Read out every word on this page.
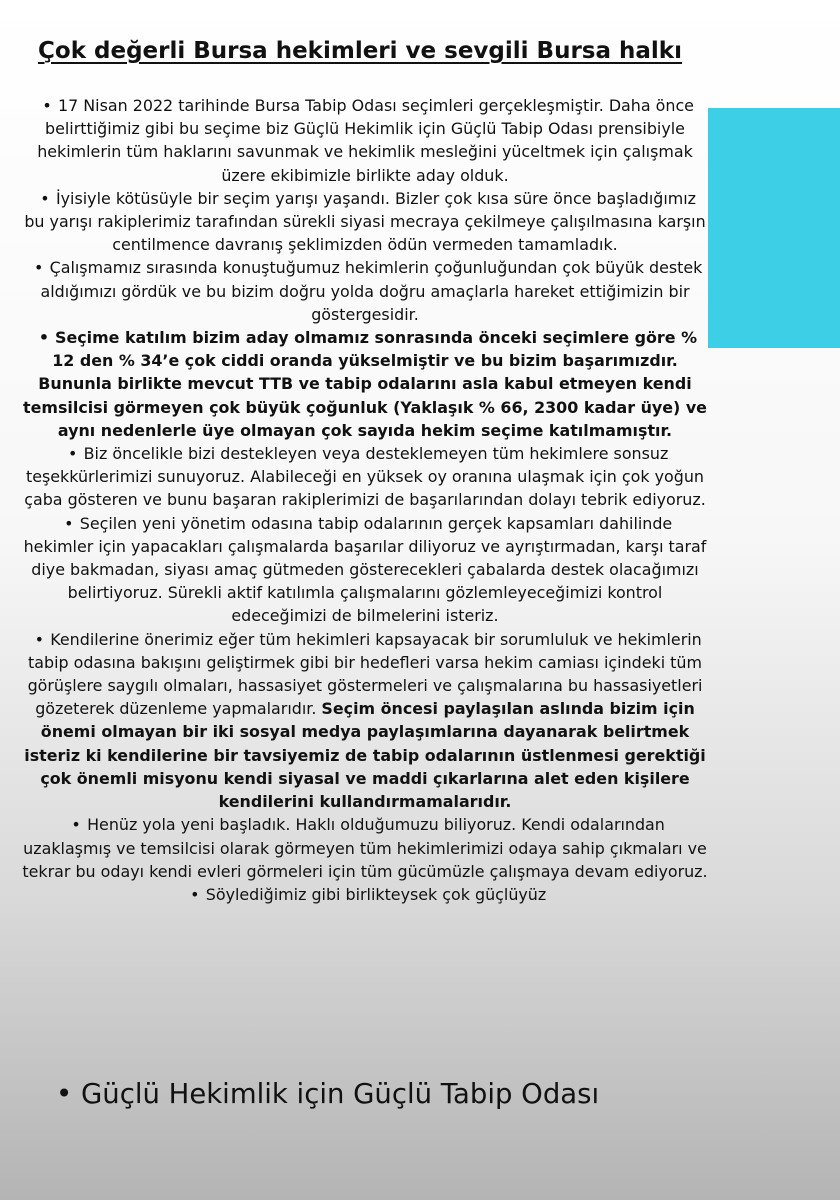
Çok değerli Bursa hekimleri ve sevgili Bursa halkı

• 17 Nisan 2022 tarihinde Bursa Tabip Odası seçimleri gerçekleşmiştir. Daha önce belirttiğimiz gibi bu seçime biz Güçlü Hekimlik için Güçlü Tabip Odası prensibiyle hekimlerin tüm haklarını savunmak ve hekimlik mesleğini yüceltmek için çalışmak üzere ekibimizle birlikte aday olduk.

• İyisiyle kötüsüyle bir seçim yarışı yaşandı. Bizler çok kısa süre önce başladığımız bu yarışı rakiplerimiz tarafından sürekli siyasi mecraya çekilmeye çalışılmasına karşın centilmence davranış şeklimizden ödün vermeden tamamladık.

• Çalışmamız sırasında konuştuğumuz hekimlerin çoğunluğundan çok büyük destek aldığımızı gördük ve bu bizim doğru yolda doğru amaçlarla hareket ettiğimizin bir göstergesidir.

• Seçime katılım bizim aday olmamız sonrasında önceki seçimlere göre % 12 den % 34’e çok ciddi oranda yükselmiştir ve bu bizim başarımızdır. Bununla birlikte mevcut TTB ve tabip odalarını asla kabul etmeyen kendi temsilcisi görmeyen çok büyük çoğunluk (Yaklaşık % 66, 2300 kadar üye) ve aynı nedenlerle üye olmayan çok sayıda hekim seçime katılmamıştır.

• Biz öncelikle bizi destekleyen veya desteklemeyen tüm hekimlere sonsuz teşekkürlerimizi sunuyoruz. Alabileceği en yüksek oy oranına ulaşmak için çok yoğun çaba gösteren ve bunu başaran rakiplerimizi de başarılarından dolayı tebrik ediyoruz.

• Seçilen yeni yönetim odasına tabip odalarının gerçek kapsamları dahilinde hekimler için yapacakları çalışmalarda başarılar diliyoruz ve ayrıştırmadan, karşı taraf diye bakmadan, siyası amaç gütmeden gösterecekleri çabalarda destek olacağımızı belirtiyoruz. Sürekli aktif katılımla çalışmalarını gözlemleyeceğimizi kontrol edeceğimizi de bilmelerini isteriz.

• Kendilerine önerimiz eğer tüm hekimleri kapsayacak bir sorumluluk ve hekimlerin tabip odasına bakışını geliştirmek gibi bir hedefleri varsa hekim camiası içindeki tüm görüşlere saygılı olmaları, hassasiyet göstermeleri ve çalışmalarına bu hassasiyetleri gözeterek düzenleme yapmalarıdır. Seçim öncesi paylaşılan aslında bizim için önemi olmayan bir iki sosyal medya paylaşımlarına dayanarak belirtmek isteriz ki kendilerine bir tavsiyemiz de tabip odalarının üstlenmesi gerektiği çok önemli misyonu kendi siyasal ve maddi çıkarlarına alet eden kişilere kendilerini kullandırmamalarıdır.

• Henüz yola yeni başladık. Haklı olduğumuzu biliyoruz. Kendi odalarından uzaklaşmış ve temsilcisi olarak görmeyen tüm hekimlerimizi odaya sahip çıkmaları ve tekrar bu odayı kendi evleri görmeleri için tüm gücümüzle çalışmaya devam ediyoruz.

• Söylediğimiz gibi birlikteysek çok güçlüyüz

• Güçlü Hekimlik için Güçlü Tabip Odası
